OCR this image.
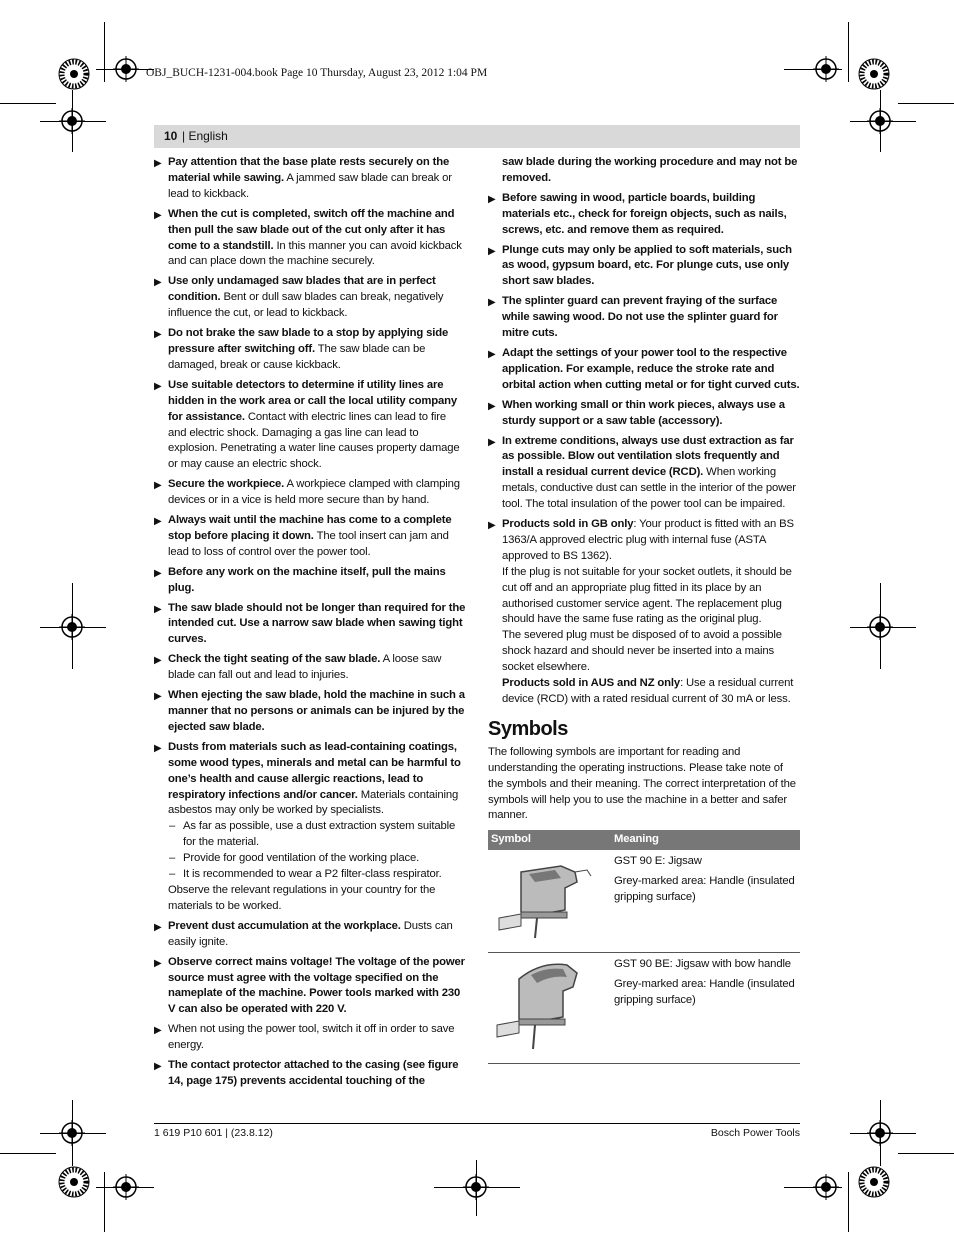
OBJ_BUCH-1231-004.book Page 10 Thursday, August 23, 2012 1:04 PM
10 | English
▶ Pay attention that the base plate rests securely on the material while sawing. A jammed saw blade can break or lead to kickback.
▶ When the cut is completed, switch off the machine and then pull the saw blade out of the cut only after it has come to a standstill. In this manner you can avoid kickback and can place down the machine securely.
▶ Use only undamaged saw blades that are in perfect condition. Bent or dull saw blades can break, negatively influence the cut, or lead to kickback.
▶ Do not brake the saw blade to a stop by applying side pressure after switching off. The saw blade can be damaged, break or cause kickback.
▶ Use suitable detectors to determine if utility lines are hidden in the work area or call the local utility company for assistance. Contact with electric lines can lead to fire and electric shock. Damaging a gas line can lead to explosion. Penetrating a water line causes property damage or may cause an electric shock.
▶ Secure the workpiece. A workpiece clamped with clamping devices or in a vice is held more secure than by hand.
▶ Always wait until the machine has come to a complete stop before placing it down. The tool insert can jam and lead to loss of control over the power tool.
▶ Before any work on the machine itself, pull the mains plug.
▶ The saw blade should not be longer than required for the intended cut. Use a narrow saw blade when sawing tight curves.
▶ Check the tight seating of the saw blade. A loose saw blade can fall out and lead to injuries.
▶ When ejecting the saw blade, hold the machine in such a manner that no persons or animals can be injured by the ejected saw blade.
▶ Dusts from materials such as lead-containing coatings, some wood types, minerals and metal can be harmful to one’s health and cause allergic reactions, lead to respiratory infections and/or cancer. Materials containing asbestos may only be worked by specialists.
– As far as possible, use a dust extraction system suitable for the material.
– Provide for good ventilation of the working place.
– It is recommended to wear a P2 filter-class respirator.
Observe the relevant regulations in your country for the materials to be worked.
▶ Prevent dust accumulation at the workplace. Dusts can easily ignite.
▶ Observe correct mains voltage! The voltage of the power source must agree with the voltage specified on the nameplate of the machine. Power tools marked with 230 V can also be operated with 220 V.
▶ When not using the power tool, switch it off in order to save energy.
▶ The contact protector attached to the casing (see figure 14, page 175) prevents accidental touching of the
saw blade during the working procedure and may not be removed.
▶ Before sawing in wood, particle boards, building materials etc., check for foreign objects, such as nails, screws, etc. and remove them as required.
▶ Plunge cuts may only be applied to soft materials, such as wood, gypsum board, etc. For plunge cuts, use only short saw blades.
▶ The splinter guard can prevent fraying of the surface while sawing wood. Do not use the splinter guard for mitre cuts.
▶ Adapt the settings of your power tool to the respective application. For example, reduce the stroke rate and orbital action when cutting metal or for tight curved cuts.
▶ When working small or thin work pieces, always use a sturdy support or a saw table (accessory).
▶ In extreme conditions, always use dust extraction as far as possible. Blow out ventilation slots frequently and install a residual current device (RCD). When working metals, conductive dust can settle in the interior of the power tool. The total insulation of the power tool can be impaired.
▶ Products sold in GB only: Your product is fitted with an BS 1363/A approved electric plug with internal fuse (ASTA approved to BS 1362).
If the plug is not suitable for your socket outlets, it should be cut off and an appropriate plug fitted in its place by an authorised customer service agent. The replacement plug should have the same fuse rating as the original plug.
The severed plug must be disposed of to avoid a possible shock hazard and should never be inserted into a mains socket elsewhere.
Products sold in AUS and NZ only: Use a residual current device (RCD) with a rated residual current of 30 mA or less.
Symbols
The following symbols are important for reading and understanding the operating instructions. Please take note of the symbols and their meaning. The correct interpretation of the symbols will help you to use the machine in a better and safer manner.
Symbol	Meaning

GST 90 E: Jigsaw
Grey-marked area: Handle (insulated gripping surface)

GST 90 BE: Jigsaw with bow handle
Grey-marked area: Handle (insulated gripping surface)
1 619 P10 601 | (23.8.12)	Bosch Power Tools
